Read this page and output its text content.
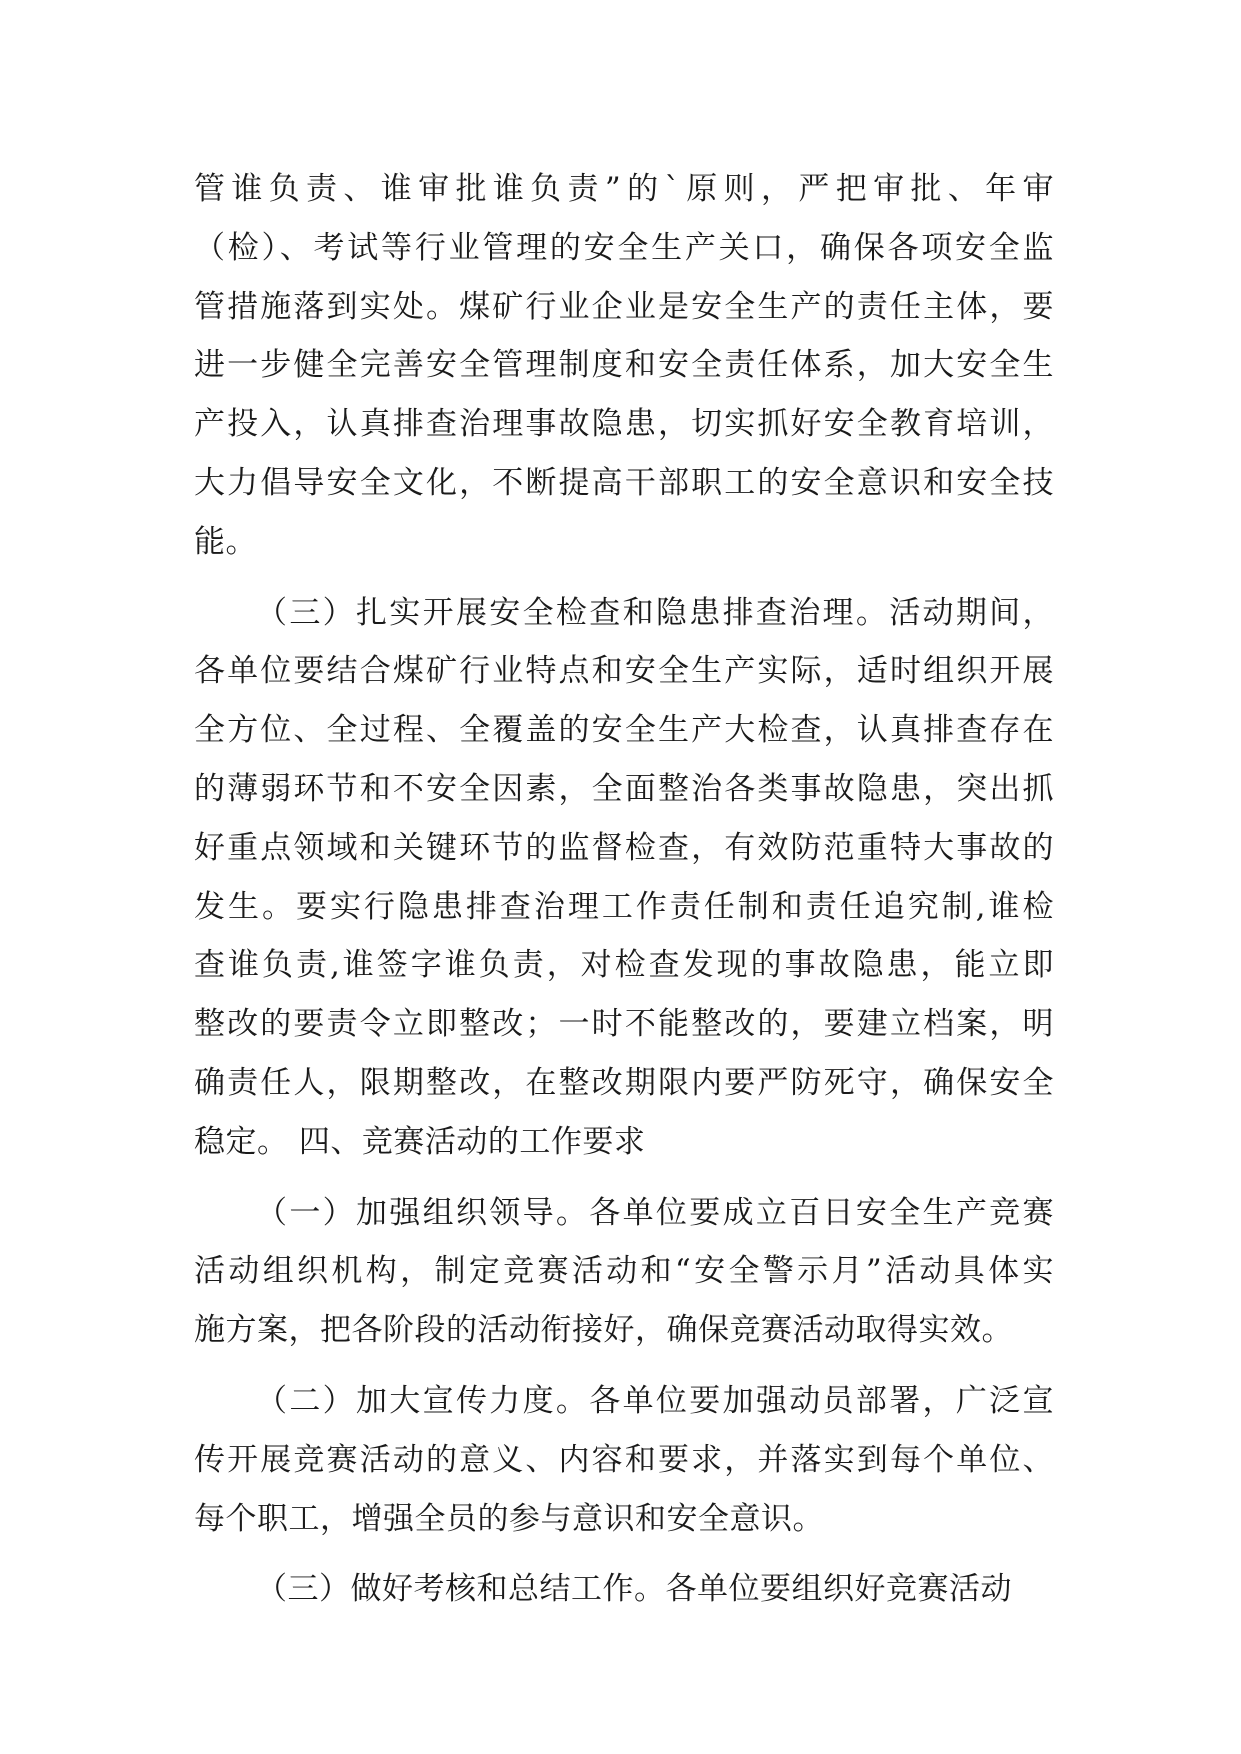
管谁负责、谁审批谁负责”的`原则，严把审批、年审
（检）、考试等行业管理的安全生产关口，确保各项安全监
管措施落到实处。煤矿行业企业是安全生产的责任主体，要
进一步健全完善安全管理制度和安全责任体系，加大安全生
产投入，认真排查治理事故隐患，切实抓好安全教育培训，
大力倡导安全文化，不断提高干部职工的安全意识和安全技
能。
（三）扎实开展安全检查和隐患排查治理。活动期间，
各单位要结合煤矿行业特点和安全生产实际，适时组织开展
全方位、全过程、全覆盖的安全生产大检查，认真排查存在
的薄弱环节和不安全因素，全面整治各类事故隐患，突出抓
好重点领域和关键环节的监督检查，有效防范重特大事故的
发生。要实行隐患排查治理工作责任制和责任追究制,谁检
查谁负责,谁签字谁负责，对检查发现的事故隐患，能立即
整改的要责令立即整改；一时不能整改的，要建立档案，明
确责任人，限期整改，在整改期限内要严防死守，确保安全
稳定。 四、竞赛活动的工作要求
（一）加强组织领导。各单位要成立百日安全生产竞赛
活动组织机构，制定竞赛活动和“安全警示月”活动具体实
施方案，把各阶段的活动衔接好，确保竞赛活动取得实效。
（二）加大宣传力度。各单位要加强动员部署，广泛宣
传开展竞赛活动的意义、内容和要求，并落实到每个单位、
每个职工，增强全员的参与意识和安全意识。
（三）做好考核和总结工作。各单位要组织好竞赛活动
